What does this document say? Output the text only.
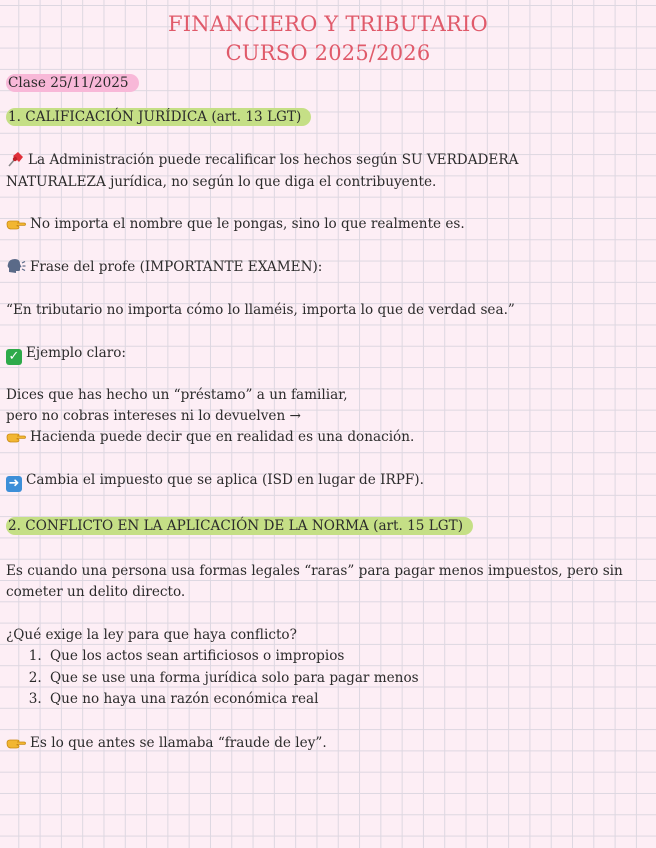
FINANCIERO Y TRIBUTARIO
CURSO 2025/2026
Clase 25/11/2025
1. CALIFICACIÓN JURÍDICA (art. 13 LGT)
La Administración puede recalificar los hechos según SU VERDADERA
NATURALEZA jurídica, no según lo que diga el contribuyente.
No importa el nombre que le pongas, sino lo que realmente es.
Frase del profe (IMPORTANTE EXAMEN):
“En tributario no importa cómo lo llaméis, importa lo que de verdad sea.”
✓ Ejemplo claro:
Dices que has hecho un “préstamo” a un familiar,
pero no cobras intereses ni lo devuelven →
Hacienda puede decir que en realidad es una donación.
➜ Cambia el impuesto que se aplica (ISD en lugar de IRPF).
2. CONFLICTO EN LA APLICACIÓN DE LA NORMA (art. 15 LGT)
Es cuando una persona usa formas legales “raras” para pagar menos impuestos, pero sin
cometer un delito directo.
¿Qué exige la ley para que haya conflicto?
1. Que los actos sean artificiosos o impropios
2. Que se use una forma jurídica solo para pagar menos
3. Que no haya una razón económica real
Es lo que antes se llamaba “fraude de ley”.
